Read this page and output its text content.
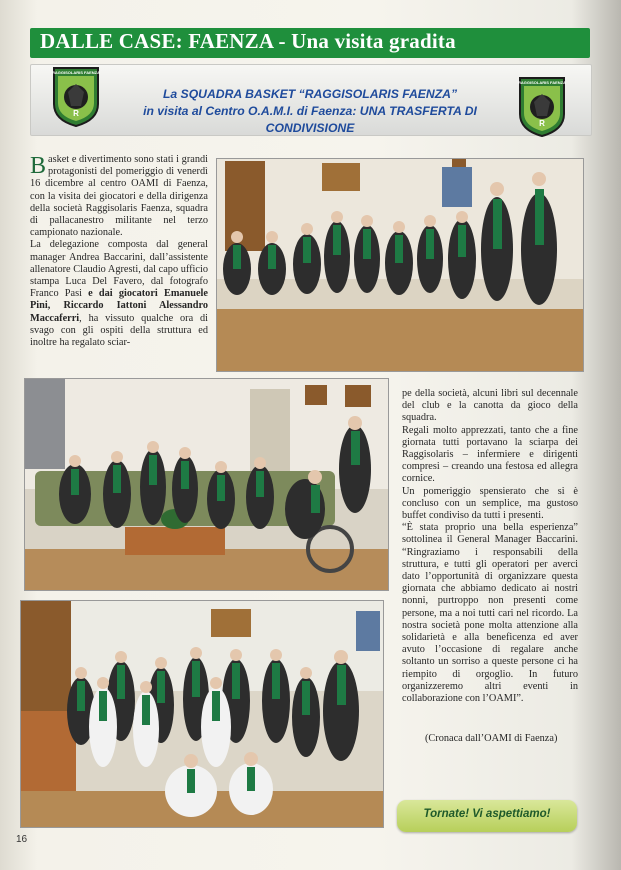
DALLE CASE: FAENZA - Una visita gradita
R
RAGGISOLARIS FAENZA
R
RAGGISOLARIS FAENZA
La SQUADRA BASKET “RAGGISOLARIS FAENZA”
in visita al Centro O.A.M.I. di Faenza: UNA TRASFERTA DI CONDIVISIONE

Basket e divertimento sono stati i grandi protagonisti del pomeriggio di venerdì 16 dicembre al centro OAMI di Faenza, con la visita dei giocatori e della dirigenza della società Raggisolaris Faenza, squadra di pallacanestro militante nel terzo campionato nazionale.

La delegazione composta dal general manager Andrea Baccarini, dall’assistente allenatore Claudio Agresti, dal capo ufficio stampa Luca Del Favero, dal fotografo Franco Pasi e dai giocatori Emanuele Pini, Riccardo Iattoni Alessandro Maccaferri, ha vissuto qualche ora di svago con gli ospiti della struttura ed inoltre ha regalato sciar-

pe della società, alcuni libri sul decennale del club e la canotta da gioco della squadra.

Regali molto apprezzati, tanto che a fine giornata tutti portavano la sciarpa dei Raggisolaris – infermiere e dirigenti compresi – creando una festosa ed allegra cornice.

Un pomeriggio spensierato che si è concluso con un semplice, ma gustoso buffet condiviso da tutti i presenti.

“È stata proprio una bella esperienza” sottolinea il General Manager Baccarini. “Ringraziamo i responsabili della struttura, e tutti gli operatori per averci dato l’opportunità di organizzare questa giornata che abbiamo dedicato ai nostri nonni, purtroppo non presenti come persone, ma a noi tutti cari nel ricordo. La nostra società pone molta attenzione alla solidarietà e alla beneficenza ed aver avuto l’occasione di regalare anche soltanto un sorriso a queste persone ci ha riempito di orgoglio. In futuro organizzeremo altri eventi in collaborazione con l’OAMI”.

(Cronaca dall’OAMI di Faenza)
Tornate! Vi aspettiamo!
16
